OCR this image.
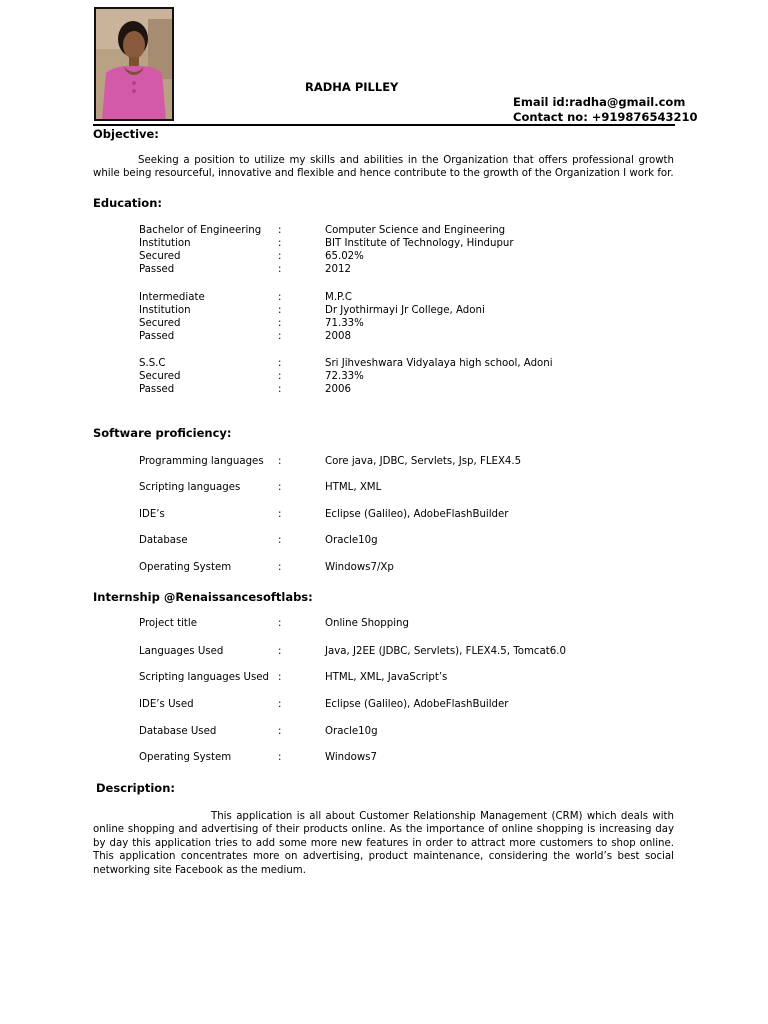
RADHA PILLEY
Email id:radha@gmail.com
Contact no: +919876543210
Objective:
Seeking a position to utilize my skills and abilities in the Organization that offers professional growth while being resourceful, innovative and flexible and hence contribute to the growth of the Organization I work for.
Education:
Bachelor of Engineering :	Computer Science and Engineering
Institution	:	BIT Institute of Technology, Hindupur
Secured	:	65.02%
Passed	:	2012
Intermediate	:	M.P.C
Institution	:	Dr Jyothirmayi Jr College, Adoni
Secured	:	71.33%
Passed	:	2008
S.S.C	:	Sri Jihveshwara Vidyalaya high school, Adoni
Secured	:	72.33%
Passed	:	2006
Software proficiency:
Programming languages :	Core java, JDBC, Servlets, Jsp, FLEX4.5
Scripting languages	:	HTML, XML
IDE’s	:	Eclipse (Galileo), AdobeFlashBuilder
Database	:	Oracle10g
Operating System	:	Windows7/Xp
Internship @Renaissancesoftlabs:
Project title	:	Online Shopping
Languages Used	:	Java, J2EE (JDBC, Servlets), FLEX4.5, Tomcat6.0
Scripting languages Used :	HTML, XML, JavaScript’s
IDE’s Used	:	Eclipse (Galileo), AdobeFlashBuilder
Database Used	:	Oracle10g
Operating System	:	Windows7
Description:
This application is all about Customer Relationship Management (CRM) which deals with online shopping and advertising of their products online. As the importance of online shopping is increasing day by day this application tries to add some more new features in order to attract more customers to shop online. This application concentrates more on advertising, product maintenance, considering the world’s best social networking site Facebook as the medium.
